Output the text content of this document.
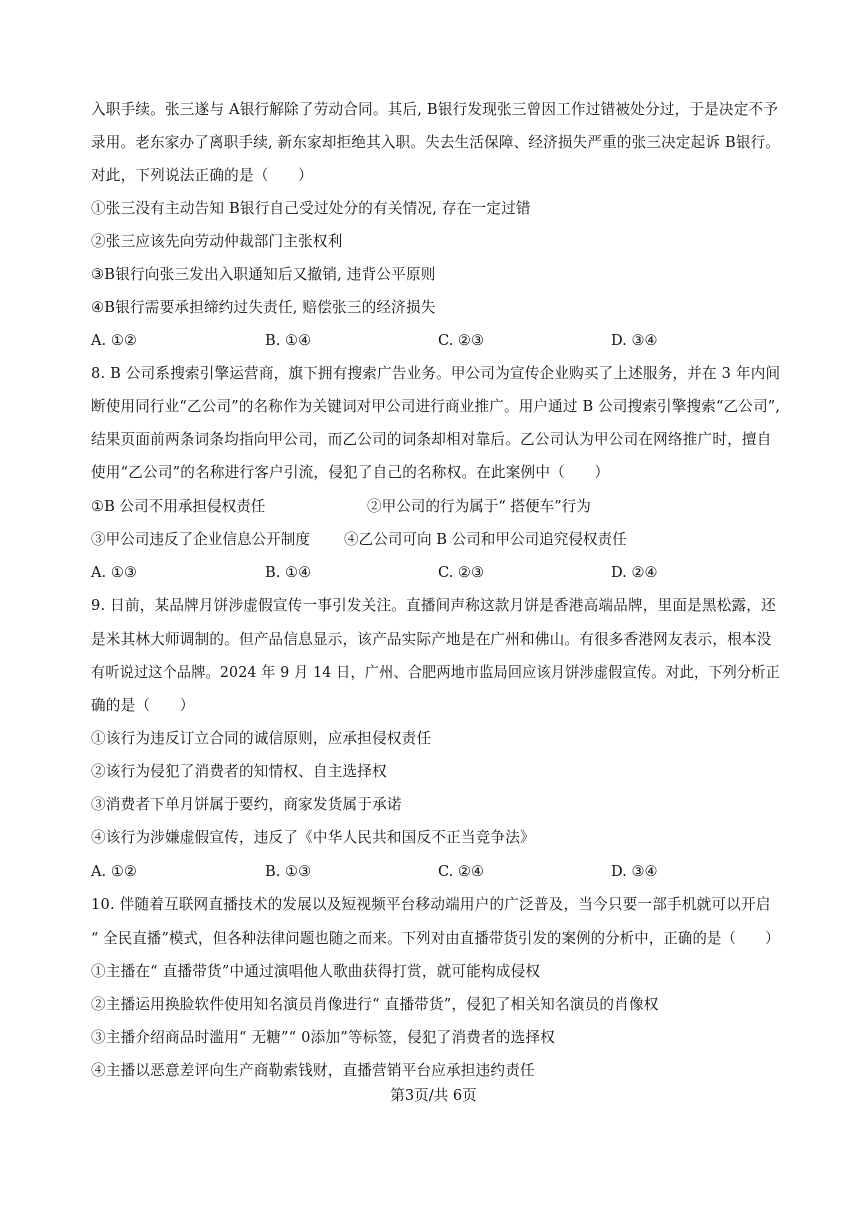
入职手续。张三遂与 A银行解除了劳动合同。其后, B银行发现张三曾因工作过错被处分过，于是决定不予
录用。老东家办了离职手续, 新东家却拒绝其入职。失去生活保障、经济损失严重的张三决定起诉 B银行。
对此，下列说法正确的是（　　）
①张三没有主动告知 B银行自己受过处分的有关情况, 存在一定过错
②张三应该先向劳动仲裁部门主张权利
③B银行向张三发出入职通知后又撤销, 违背公平原则
④B银行需要承担缔约过失责任, 赔偿张三的经济损失
A. ①②	B. ①④	C. ②③	D. ③④
8. B 公司系搜索引擎运营商，旗下拥有搜索广告业务。甲公司为宣传企业购买了上述服务，并在 3 年内间
断使用同行业“乙公司”的名称作为关键词对甲公司进行商业推广。用户通过 B 公司搜索引擎搜索“乙公司”,
结果页面前两条词条均指向甲公司，而乙公司的词条却相对靠后。乙公司认为甲公司在网络推广时，擅自
使用“乙公司”的名称进行客户引流，侵犯了自己的名称权。在此案例中（　　）
①B 公司不用承担侵权责任	②甲公司的行为属于“ 搭便车”行为
③甲公司违反了企业信息公开制度 ④乙公司可向 B 公司和甲公司追究侵权责任
A. ①③	B. ①④	C. ②③	D. ②④
9. 日前，某品牌月饼涉虚假宣传一事引发关注。直播间声称这款月饼是香港高端品牌，里面是黑松露，还
是米其林大师调制的。但产品信息显示，该产品实际产地是在广州和佛山。有很多香港网友表示，根本没
有听说过这个品牌。2024 年 9 月 14 日，广州、合肥两地市监局回应该月饼涉虚假宣传。对此，下列分析正
确的是（　　）
①该行为违反订立合同的诚信原则，应承担侵权责任
②该行为侵犯了消费者的知情权、自主选择权
③消费者下单月饼属于要约，商家发货属于承诺
④该行为涉嫌虚假宣传，违反了《中华人民共和国反不正当竞争法》
A. ①②	B. ①③	C. ②④	D. ③④
10. 伴随着互联网直播技术的发展以及短视频平台移动端用户的广泛普及，当今只要一部手机就可以开启
“ 全民直播”模式，但各种法律问题也随之而来。下列对由直播带货引发的案例的分析中，正确的是（　　）
①主播在“ 直播带货”中通过演唱他人歌曲获得打赏，就可能构成侵权
②主播运用换脸软件使用知名演员肖像进行“ 直播带货”，侵犯了相关知名演员的肖像权
③主播介绍商品时滥用“ 无糖”“ 0添加”等标签，侵犯了消费者的选择权
④主播以恶意差评向生产商勒索钱财，直播营销平台应承担违约责任
第3页/共 6页
